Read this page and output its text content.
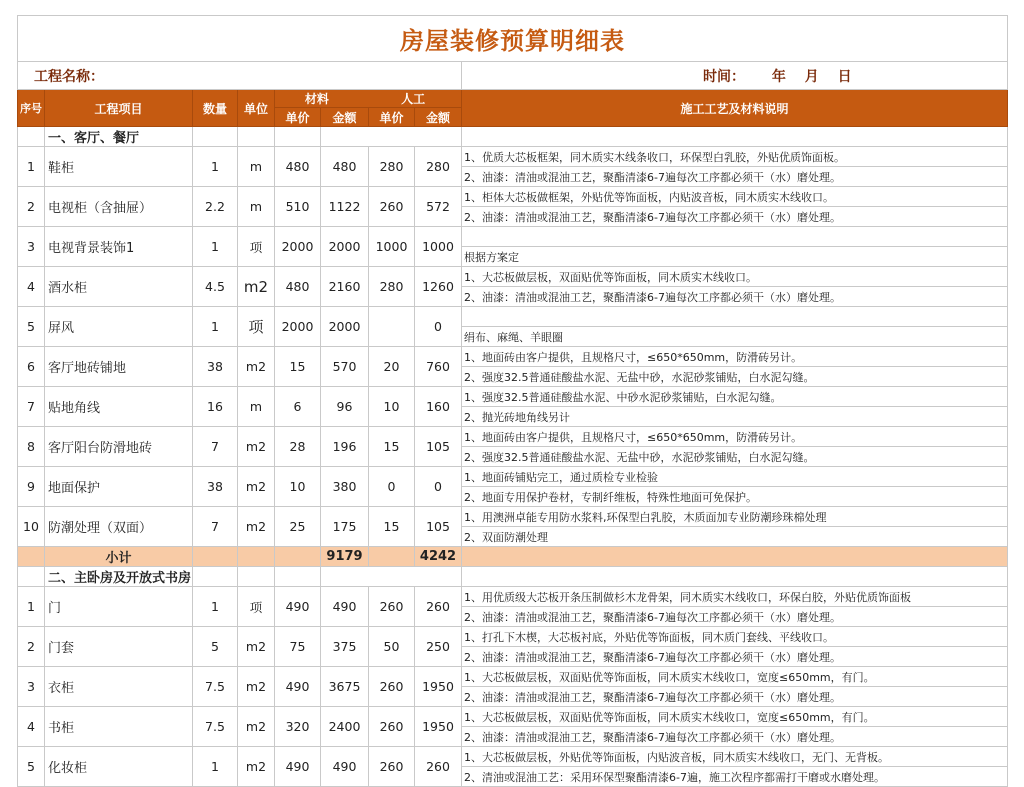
房屋装修预算明细表								
工程名称：								时间： 年 月 日
序号	工程项目	数量	单位	材料 人工				施工工艺及材料说明
				单价	金额	单价	金额	
	一、客厅、餐厅							
1	鞋柜	1	m	480	480	280	280	1、优质大芯板框架，同木质实木线条收口，环保型白乳胶，外贴优质饰面板。
								2、油漆：清油或混油工艺，聚酯清漆6-7遍每次工序都必须干（水）磨处理。
2	电视柜（含抽屉）	2.2	m	510	1122	260	572	1、柜体大芯板做框架，外贴优等饰面板，内贴波音板，同木质实木线收口。
								2、油漆：清油或混油工艺，聚酯清漆6-7遍每次工序都必须干（水）磨处理。
3	电视背景装饰1	1	项	2000	2000	1000	1000	
								根据方案定
4	酒水柜	4.5	m2	480	2160	280	1260	1、大芯板做层板，双面贴优等饰面板，同木质实木线收口。
								2、油漆：清油或混油工艺，聚酯清漆6-7遍每次工序都必须干（水）磨处理。
5	屏风	1	项	2000	2000		0	
								绢布、麻绳、羊眼圈
6	客厅地砖铺地	38	m2	15	570	20	760	1、地面砖由客户提供，且规格尺寸，≤650*650mm，防滑砖另计。
								2、强度32.5普通硅酸盐水泥、无盐中砂，水泥砂浆铺贴，白水泥勾缝。
7	贴地角线	16	m	6	96	10	160	1、强度32.5普通硅酸盐水泥、中砂水泥砂浆铺贴，白水泥勾缝。
								2、抛光砖地角线另计
8	客厅阳台防滑地砖	7	m2	28	196	15	105	1、地面砖由客户提供，且规格尺寸，≤650*650mm，防滑砖另计。
								2、强度32.5普通硅酸盐水泥、无盐中砂，水泥砂浆铺贴，白水泥勾缝。
9	地面保护	38	m2	10	380	0	0	1、地面砖铺贴完工，通过质检专业检验
								2、地面专用保护卷材，专制纤维板，特殊性地面可免保护。
10	防潮处理（双面）	7	m2	25	175	15	105	1、用澳洲卓能专用防水浆料,环保型白乳胶，木质面加专业防潮珍珠棉处理
								2、双面防潮处理
	小计				9179		4242	
	二、主卧房及开放式书房							
1	门	1	项	490	490	260	260	1、用优质级大芯板开条压制做杉木龙骨架，同木质实木线收口，环保白胶，外贴优质饰面板
								2、油漆：清油或混油工艺，聚酯清漆6-7遍每次工序都必须干（水）磨处理。
2	门套	5	m2	75	375	50	250	1、打孔下木楔，大芯板衬底，外贴优等饰面板，同木质门套线、平线收口。
								2、油漆：清油或混油工艺，聚酯清漆6-7遍每次工序都必须干（水）磨处理。
3	衣柜	7.5	m2	490	3675	260	1950	1、大芯板做层板，双面贴优等饰面板，同木质实木线收口，宽度≤650mm，有门。
								2、油漆：清油或混油工艺，聚酯清漆6-7遍每次工序都必须干（水）磨处理。
4	书柜	7.5	m2	320	2400	260	1950	1、大芯板做层板，双面贴优等饰面板，同木质实木线收口，宽度≤650mm，有门。
								2、油漆：清油或混油工艺，聚酯清漆6-7遍每次工序都必须干（水）磨处理。
5	化妆柜	1	m2	490	490	260	260	1、大芯板做层板，外贴优等饰面板，内贴波音板，同木质实木线收口，无门、无背板。
								2、清油或混油工艺：采用环保型聚酯清漆6-7遍，施工次程序都需打干磨或水磨处理。
